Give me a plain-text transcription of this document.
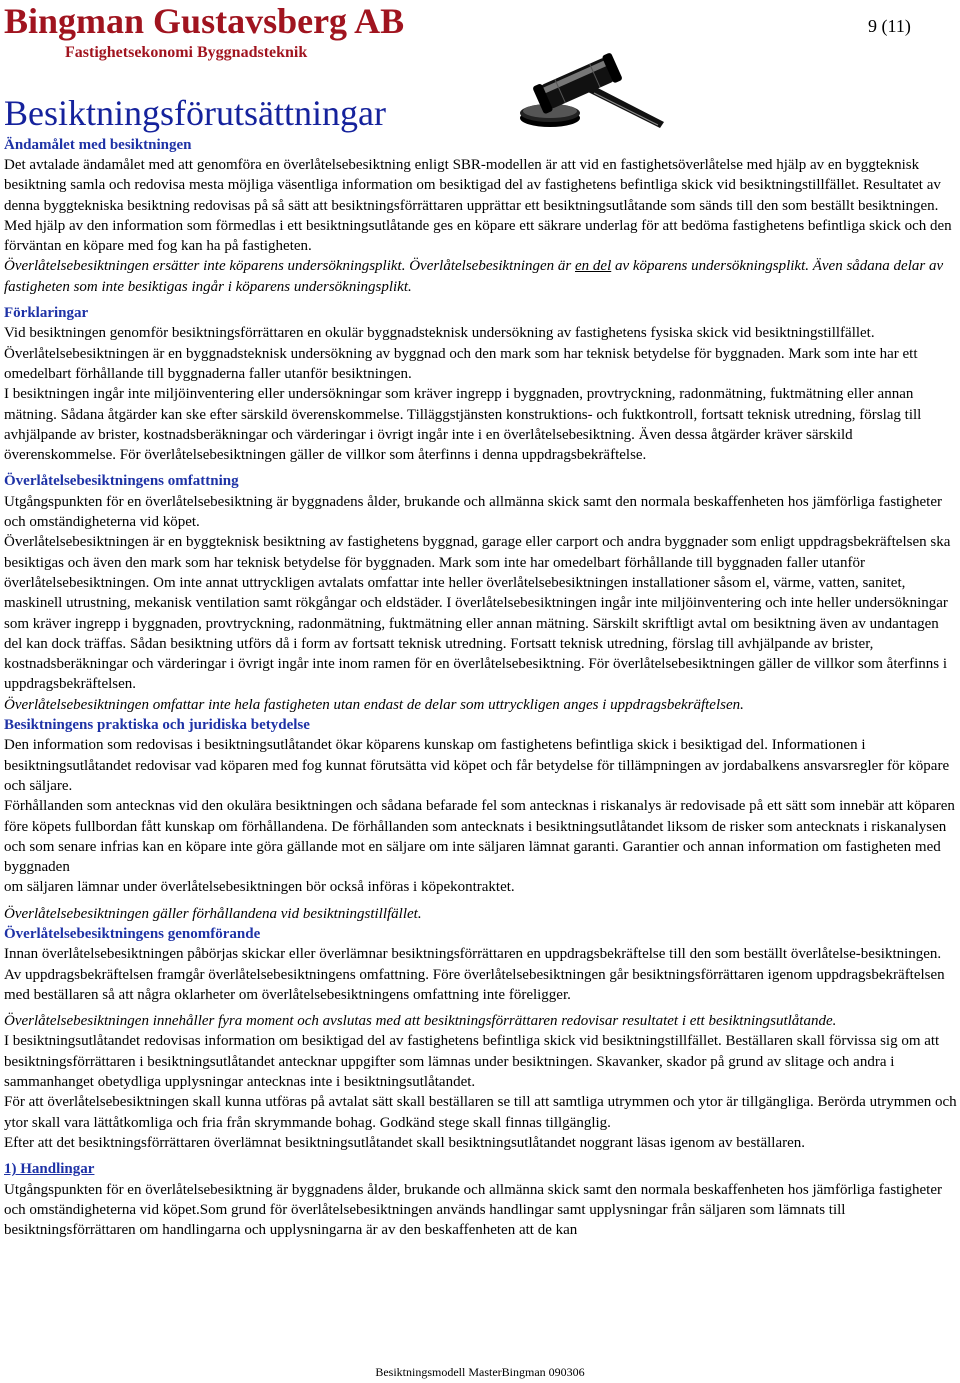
Bingman Gustavsberg AB
Fastighetsekonomi Byggnadsteknik
9 (11)
Besiktningsförutsättningar
Ändamålet med besiktningen

Det avtalade ändamålet med att genomföra en överlåtelsebesiktning enligt SBR-modellen är att vid en fastighetsöverlåtelse med hjälp av en byggteknisk besiktning samla och redovisa mesta möjliga väsentliga information om besiktigad del av fastighetens befintliga skick vid besiktningstillfället. Resultatet av denna byggtekniska besiktning redovisas på så sätt att besiktningsförrättaren upprättar ett besiktningsutlåtande som sänds till den som beställt besiktningen. Med hjälp av den information som förmedlas i ett besiktningsutlåtande ges en köpare ett säkrare underlag för att bedöma fastighetens befintliga skick och den förväntan en köpare med fog kan ha på fastigheten.

Överlåtelsebesiktningen ersätter inte köparens undersökningsplikt. Överlåtelsebesiktningen är en del av köparens undersökningsplikt. Även sådana delar av fastigheten som inte besiktigas ingår i köparens undersökningsplikt.

Förklaringar

Vid besiktningen genomför besiktningsförrättaren en okulär byggnadsteknisk undersökning av fastighetens fysiska skick vid besiktningstillfället. Överlåtelsebesiktningen är en byggnadsteknisk undersökning av byggnad och den mark som har teknisk betydelse för byggnaden. Mark som inte har ett omedelbart förhållande till byggnaderna faller utanför besiktningen.

I besiktningen ingår inte miljöinventering eller undersökningar som kräver ingrepp i byggnaden, provtryckning, radonmätning, fuktmätning eller annan mätning. Sådana åtgärder kan ske efter särskild överenskommelse. Tilläggstjänsten konstruktions- och fuktkontroll, fortsatt teknisk utredning, förslag till avhjälpande av brister, kostnadsberäkningar och värderingar i övrigt ingår inte i en överlåtelsebesiktning. Även dessa åtgärder kräver särskild överenskommelse. För överlåtelsebesiktningen gäller de villkor som återfinns i denna uppdragsbekräftelse.

Överlåtelsebesiktningens omfattning

Utgångspunkten för en överlåtelsebesiktning är byggnadens ålder, brukande och allmänna skick samt den normala beskaffenheten hos jämförliga fastigheter och omständigheterna vid köpet.

Överlåtelsebesiktningen är en byggteknisk besiktning av fastighetens byggnad, garage eller carport och andra byggnader som enligt uppdragsbekräftelsen ska besiktigas och även den mark som har teknisk betydelse för byggnaden. Mark som inte har omedelbart förhållande till byggnaden faller utanför överlåtelsebesiktningen. Om inte annat uttryckligen avtalats omfattar inte heller överlåtelsebesiktningen installationer såsom el, värme, vatten, sanitet, maskinell utrustning, mekanisk ventilation samt rökgångar och eldstäder. I överlåtelsebesiktningen ingår inte miljöinventering och inte heller undersökningar som kräver ingrepp i byggnaden, provtryckning, radonmätning, fuktmätning eller annan mätning. Särskilt skriftligt avtal om besiktning även av undantagen del kan dock träffas. Sådan besiktning utförs då i form av fortsatt teknisk utredning. Fortsatt teknisk utredning, förslag till avhjälpande av brister, kostnadsberäkningar och värderingar i övrigt ingår inte inom ramen för en överlåtelsebesiktning. För överlåtelsebesiktningen gäller de villkor som återfinns i uppdragsbekräftelsen.

Överlåtelsebesiktningen omfattar inte hela fastigheten utan endast de delar som uttryckligen anges i uppdragsbekräftelsen.

Besiktningens praktiska och juridiska betydelse

Den information som redovisas i besiktningsutlåtandet ökar köparens kunskap om fastighetens befintliga skick i besiktigad del. Informationen i besiktningsutlåtandet redovisar vad köparen med fog kunnat förutsätta vid köpet och får betydelse för tillämpningen av jordabalkens ansvarsregler för köpare och säljare.

Förhållanden som antecknas vid den okulära besiktningen och sådana befarade fel som antecknas i riskanalys är redovisade på ett sätt som innebär att köparen före köpets fullbordan fått kunskap om förhållandena. De förhållanden som antecknats i besiktningsutlåtandet liksom de risker som antecknats i riskanalysen och som senare infrias kan en köpare inte göra gällande mot en säljare om inte säljaren lämnat garanti. Garantier och annan information om fastigheten med byggnaden

om säljaren lämnar under överlåtelsebesiktningen bör också införas i köpekontraktet.

Överlåtelsebesiktningen gäller förhållandena vid besiktningstillfället.

Överlåtelsebesiktningens genomförande

Innan överlåtelsebesiktningen påbörjas skickar eller överlämnar besiktningsförrättaren en uppdragsbekräftelse till den som beställt överlåtelse-besiktningen. Av uppdragsbekräftelsen framgår överlåtelsebesiktningens omfattning. Före överlåtelsebesiktningen går besiktningsförrättaren igenom uppdragsbekräftelsen med beställaren så att några oklarheter om överlåtelsebesiktningens omfattning inte föreligger.

Överlåtelsebesiktningen innehåller fyra moment och avslutas med att besiktningsförrättaren redovisar resultatet i ett besiktningsutlåtande.

I besiktningsutlåtandet redovisas information om besiktigad del av fastighetens befintliga skick vid besiktningstillfället. Beställaren skall förvissa sig om att besiktningsförrättaren i besiktningsutlåtandet antecknar uppgifter som lämnas under besiktningen. Skavanker, skador på grund av slitage och andra i sammanhanget obetydliga upplysningar antecknas inte i besiktningsutlåtandet.

För att överlåtelsebesiktningen skall kunna utföras på avtalat sätt skall beställaren se till att samtliga utrymmen och ytor är tillgängliga. Berörda utrymmen och ytor skall vara lättåtkomliga och fria från skrymmande bohag. Godkänd stege skall finnas tillgänglig.

Efter att det besiktningsförrättaren överlämnat besiktningsutlåtandet skall besiktningsutlåtandet noggrant läsas igenom av beställaren.

1) Handlingar

Utgångspunkten för en överlåtelsebesiktning är byggnadens ålder, brukande och allmänna skick samt den normala beskaffenheten hos jämförliga fastigheter och omständigheterna vid köpet.Som grund för överlåtelsebesiktningen används handlingar samt upplysningar från säljaren som lämnats till besiktningsförrättaren om handlingarna och upplysningarna är av den beskaffenheten att de kan

Besiktningsmodell MasterBingman 090306
